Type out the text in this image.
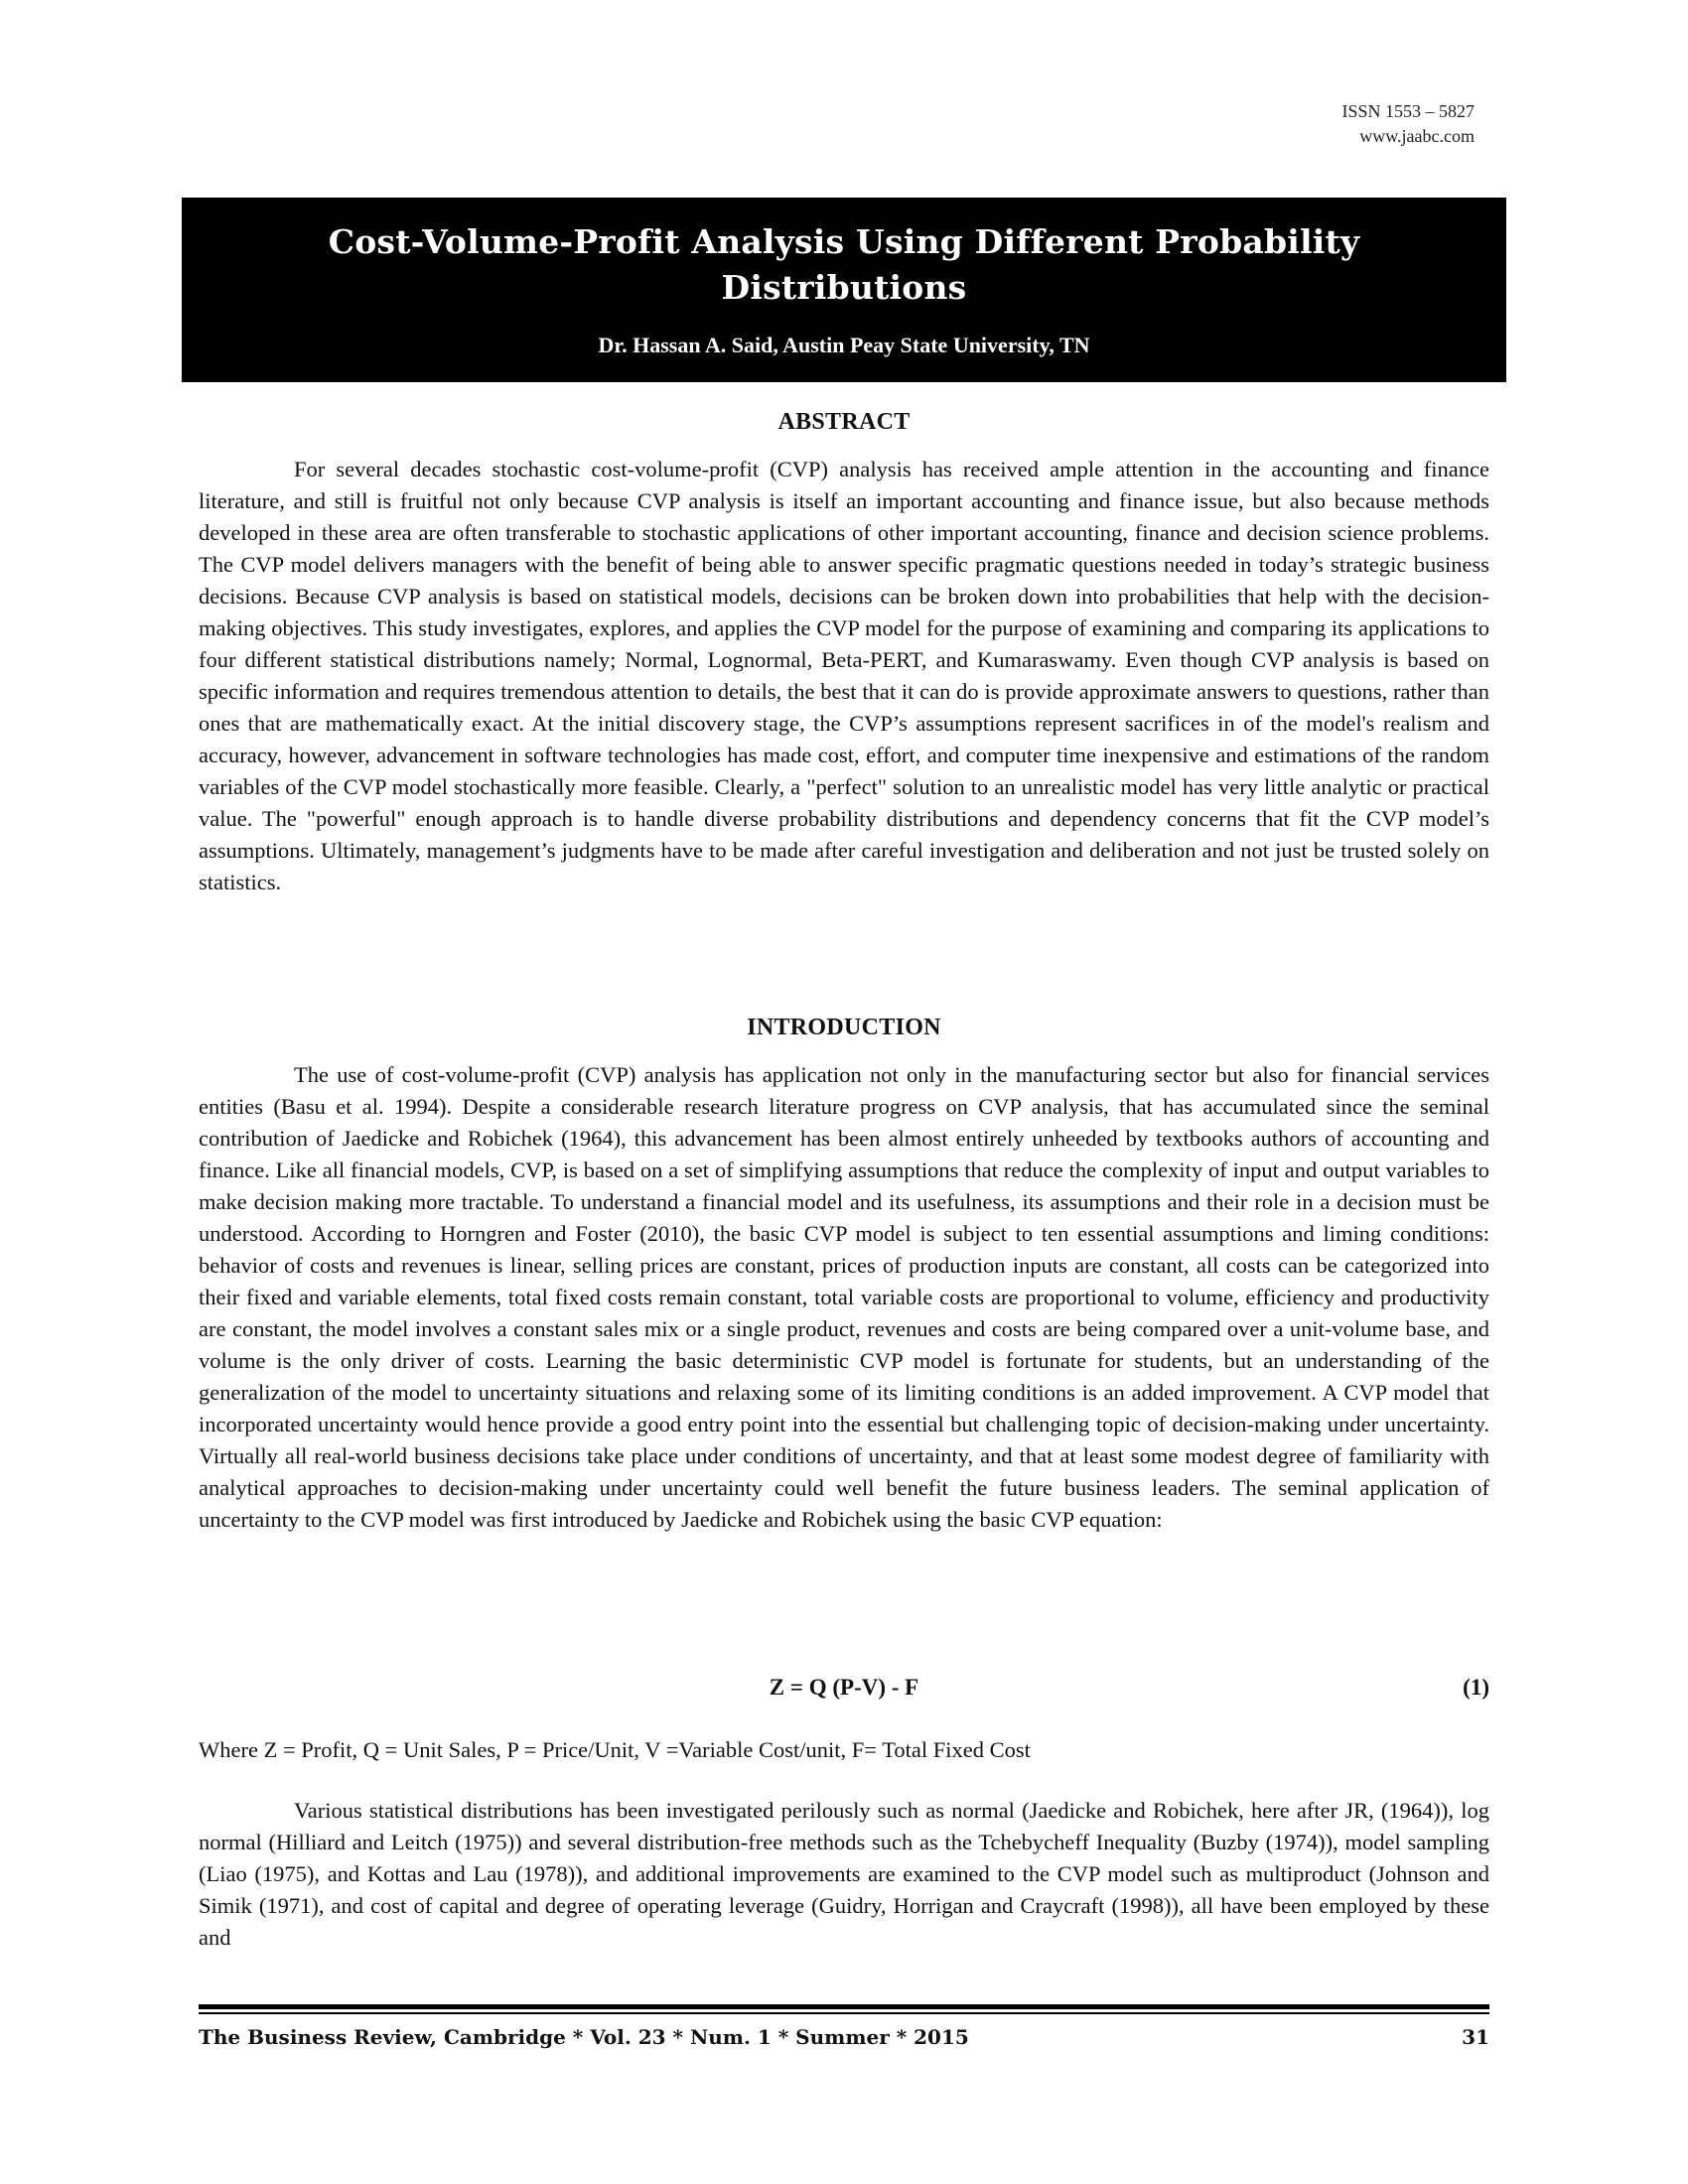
ISSN 1553 – 5827
www.jaabc.com
Cost-Volume-Profit Analysis Using Different Probability Distributions
Dr. Hassan A. Said, Austin Peay State University, TN
ABSTRACT

For several decades stochastic cost-volume-profit (CVP) analysis has received ample attention in the accounting and finance literature, and still is fruitful not only because CVP analysis is itself an important accounting and finance issue, but also because methods developed in these area are often transferable to stochastic applications of other important accounting, finance and decision science problems. The CVP model delivers managers with the benefit of being able to answer specific pragmatic questions needed in today’s strategic business decisions. Because CVP analysis is based on statistical models, decisions can be broken down into probabilities that help with the decision-making objectives. This study investigates, explores, and applies the CVP model for the purpose of examining and comparing its applications to four different statistical distributions namely; Normal, Lognormal, Beta-PERT, and Kumaraswamy. Even though CVP analysis is based on specific information and requires tremendous attention to details, the best that it can do is provide approximate answers to questions, rather than ones that are mathematically exact. At the initial discovery stage, the CVP’s assumptions represent sacrifices in of the model's realism and accuracy, however, advancement in software technologies has made cost, effort, and computer time inexpensive and estimations of the random variables of the CVP model stochastically more feasible. Clearly, a "perfect" solution to an unrealistic model has very little analytic or practical value. The "powerful" enough approach is to handle diverse probability distributions and dependency concerns that fit the CVP model’s assumptions. Ultimately, management’s judgments have to be made after careful investigation and deliberation and not just be trusted solely on statistics.

INTRODUCTION

The use of cost-volume-profit (CVP) analysis has application not only in the manufacturing sector but also for financial services entities (Basu et al. 1994). Despite a considerable research literature progress on CVP analysis, that has accumulated since the seminal contribution of Jaedicke and Robichek (1964), this advancement has been almost entirely unheeded by textbooks authors of accounting and finance. Like all financial models, CVP, is based on a set of simplifying assumptions that reduce the complexity of input and output variables to make decision making more tractable. To understand a financial model and its usefulness, its assumptions and their role in a decision must be understood. According to Horngren and Foster (2010), the basic CVP model is subject to ten essential assumptions and liming conditions: behavior of costs and revenues is linear, selling prices are constant, prices of production inputs are constant, all costs can be categorized into their fixed and variable elements, total fixed costs remain constant, total variable costs are proportional to volume, efficiency and productivity are constant, the model involves a constant sales mix or a single product, revenues and costs are being compared over a unit-volume base, and volume is the only driver of costs. Learning the basic deterministic CVP model is fortunate for students, but an understanding of the generalization of the model to uncertainty situations and relaxing some of its limiting conditions is an added improvement. A CVP model that incorporated uncertainty would hence provide a good entry point into the essential but challenging topic of decision-making under uncertainty. Virtually all real-world business decisions take place under conditions of uncertainty, and that at least some modest degree of familiarity with analytical approaches to decision-making under uncertainty could well benefit the future business leaders. The seminal application of uncertainty to the CVP model was first introduced by Jaedicke and Robichek using the basic CVP equation:

Z = Q (P-V) - F	(1)
Where Z = Profit, Q = Unit Sales, P = Price/Unit, V =Variable Cost/unit, F= Total Fixed Cost

Various statistical distributions has been investigated perilously such as normal (Jaedicke and Robichek, here after JR, (1964)), log normal (Hilliard and Leitch (1975)) and several distribution-free methods such as the Tchebycheff Inequality (Buzby (1974)), model sampling (Liao (1975), and Kottas and Lau (1978)), and additional improvements are examined to the CVP model such as multiproduct (Johnson and Simik (1971), and cost of capital and degree of operating leverage (Guidry, Horrigan and Craycraft (1998)), all have been employed by these and

The Business Review, Cambridge * Vol. 23 * Num. 1 * Summer * 2015	31
